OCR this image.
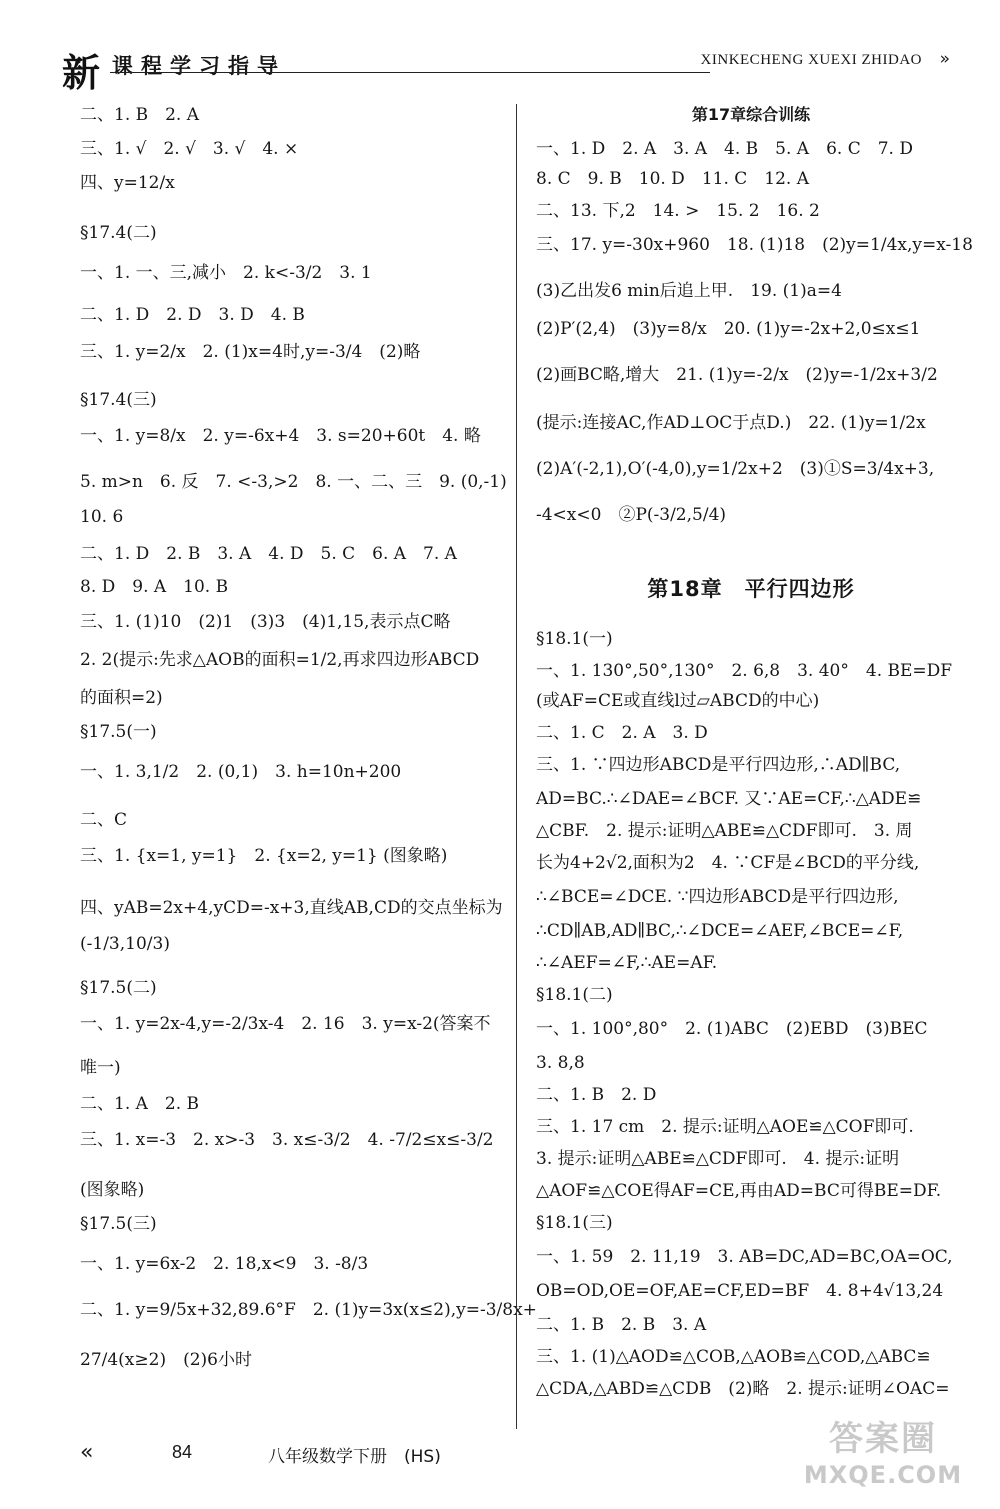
新 课程学习指导	XINKECHENG XUEXI ZHIDAO »
二、1. B　2. A
三、1. √　2. √　3. √　4. ×
四、y=12/x
§17.4(二)
一、1. 一、三,减小　2. k<-3/2　3. 1
二、1. D　2. D　3. D　4. B
三、1. y=2/x　2. (1)x=4时,y=-3/4　(2)略
§17.4(三)
一、1. y=8/x　2. y=-6x+4　3. s=20+60t　4. 略
5. m>n　6. 反　7. <-3,>2　8. 一、二、三　9. (0,-1)
10. 6
二、1. D　2. B　3. A　4. D　5. C　6. A　7. A
8. D　9. A　10. B
三、1. (1)10　(2)1　(3)3　(4)1,15,表示点C略
2. 2(提示:先求△AOB的面积=1/2,再求四边形ABCD
的面积=2)
§17.5(一)
一、1. 3,1/2　2. (0,1)　3. h=10n+200
二、C
三、1. {x=1, y=1}　2. {x=2, y=1} (图象略)
四、yAB=2x+4,yCD=-x+3,直线AB,CD的交点坐标为
(-1/3,10/3)
§17.5(二)
一、1. y=2x-4,y=-2/3x-4　2. 16　3. y=x-2(答案不
唯一)
二、1. A　2. B
三、1. x=-3　2. x>-3　3. x≤-3/2　4. -7/2≤x≤-3/2
(图象略)
§17.5(三)
一、1. y=6x-2　2. 18,x<9　3. -8/3
二、1. y=9/5x+32,89.6°F　2. (1)y=3x(x≤2),y=-3/8x+
27/4(x≥2)　(2)6小时
第17章综合训练
一、1. D　2. A　3. A　4. B　5. A　6. C　7. D
8. C　9. B　10. D　11. C　12. A
二、13. 下,2　14. >　15. 2　16. 2
三、17. y=-30x+960　18. (1)18　(2)y=1/4x,y=x-18
(3)乙出发6 min后追上甲.　19. (1)a=4
(2)P′(2,4)　(3)y=8/x　20. (1)y=-2x+2,0≤x≤1
(2)画BC略,增大　21. (1)y=-2/x　(2)y=-1/2x+3/2
(提示:连接AC,作AD⊥OC于点D.)　22. (1)y=1/2x
(2)A′(-2,1),O′(-4,0),y=1/2x+2　(3)①S=3/4x+3,
-4<x<0　②P(-3/2,5/4)
第18章　平行四边形
§18.1(一)
一、1. 130°,50°,130°　2. 6,8　3. 40°　4. BE=DF
(或AF=CE或直线l过▱ABCD的中心)
二、1. C　2. A　3. D
三、1. ∵四边形ABCD是平行四边形,∴AD∥BC,
AD=BC.∴∠DAE=∠BCF. 又∵AE=CF,∴△ADE≌
△CBF.　2. 提示:证明△ABE≌△CDF即可.　3. 周
长为4+2√2,面积为2　4. ∵CF是∠BCD的平分线,
∴∠BCE=∠DCE. ∵四边形ABCD是平行四边形,
∴CD∥AB,AD∥BC,∴∠DCE=∠AEF,∠BCE=∠F,
∴∠AEF=∠F,∴AE=AF.
§18.1(二)
一、1. 100°,80°　2. (1)ABC　(2)EBD　(3)BEC
3. 8,8
二、1. B　2. D
三、1. 17 cm　2. 提示:证明△AOE≌△COF即可.
3. 提示:证明△ABE≌△CDF即可.　4. 提示:证明
△AOF≌△COE得AF=CE,再由AD=BC可得BE=DF.
§18.1(三)
一、1. 59　2. 11,19　3. AB=DC,AD=BC,OA=OC,
OB=OD,OE=OF,AE=CF,ED=BF　4. 8+4√13,24
二、1. B　2. B　3. A
三、1. (1)△AOD≌△COB,△AOB≌△COD,△ABC≌
△CDA,△ABD≌△CDB　(2)略　2. 提示:证明∠OAC=
«	84	八年级数学下册　(HS)	答案圈
MXQE.COM
